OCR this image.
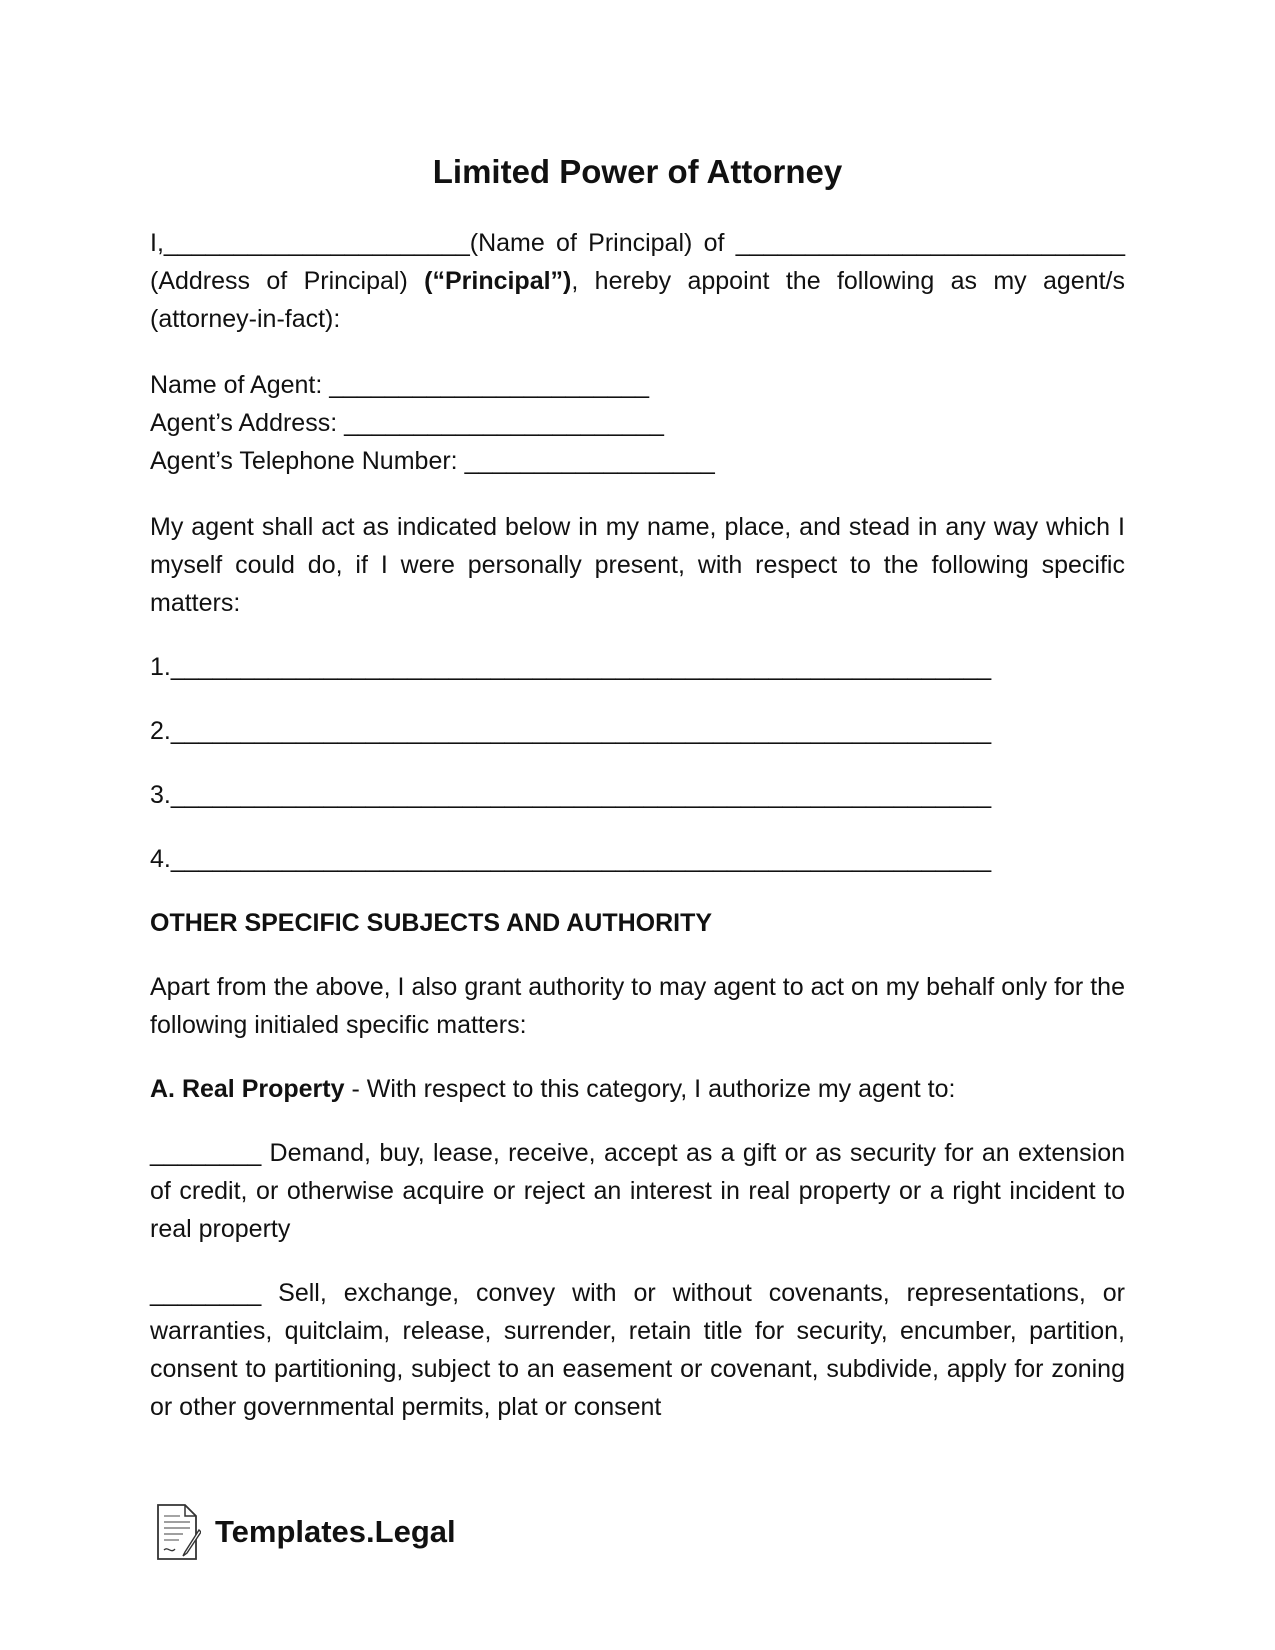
Limited Power of Attorney

I,______________________(Name of Principal) of ____________________________ (Address of Principal) (“Principal”), hereby appoint the following as my agent/s (attorney-in-fact):

Name of Agent: _______________________
Agent’s Address: _______________________
Agent’s Telephone Number: __________________

My agent shall act as indicated below in my name, place, and stead in any way which I myself could do, if I were personally present, with respect to the following specific matters:

1.___________________________________________________________
2.___________________________________________________________
3.___________________________________________________________
4.___________________________________________________________
OTHER SPECIFIC SUBJECTS AND AUTHORITY

Apart from the above, I also grant authority to may agent to act on my behalf only for the following initialed specific matters:

A. Real Property - With respect to this category, I authorize my agent to:

________ Demand, buy, lease, receive, accept as a gift or as security for an extension of credit, or otherwise acquire or reject an interest in real property or a right incident to real property

________ Sell, exchange, convey with or without covenants, representations, or warranties, quitclaim, release, surrender, retain title for security, encumber, partition, consent to partitioning, subject to an easement or covenant, subdivide, apply for zoning or other governmental permits, plat or consent

Templates.Legal
